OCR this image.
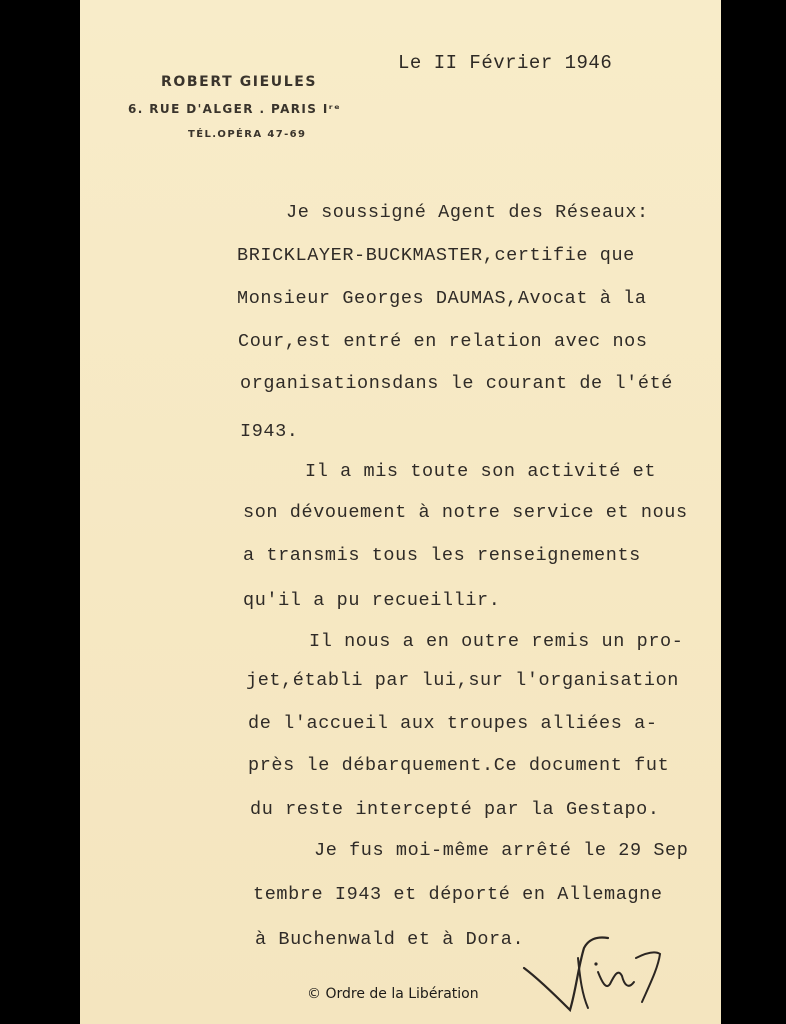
ROBERT GIEULES
6. RUE D'ALGER . PARIS Iʳᵉ
TÉL.OPÉRA 47-69
Le II Février 1946
Je soussigné Agent des Réseaux:
BRICKLAYER-BUCKMASTER,certifie que
Monsieur Georges DAUMAS,Avocat à la
Cour,est entré en relation avec nos
organisationsdans le courant de l'été
I943.
Il a mis toute son activité et
son dévouement à notre service et nous
a transmis tous les renseignements
qu'il a pu recueillir.
Il nous a en outre remis un pro-
jet,établi par lui,sur l'organisation
de l'accueil aux troupes alliées a-
près le débarquement.Ce document fut
du reste intercepté par la Gestapo.
Je fus moi-même arrêté le 29 Sep
tembre I943 et déporté en Allemagne
à Buchenwald et à Dora.
© Ordre de la Libération
